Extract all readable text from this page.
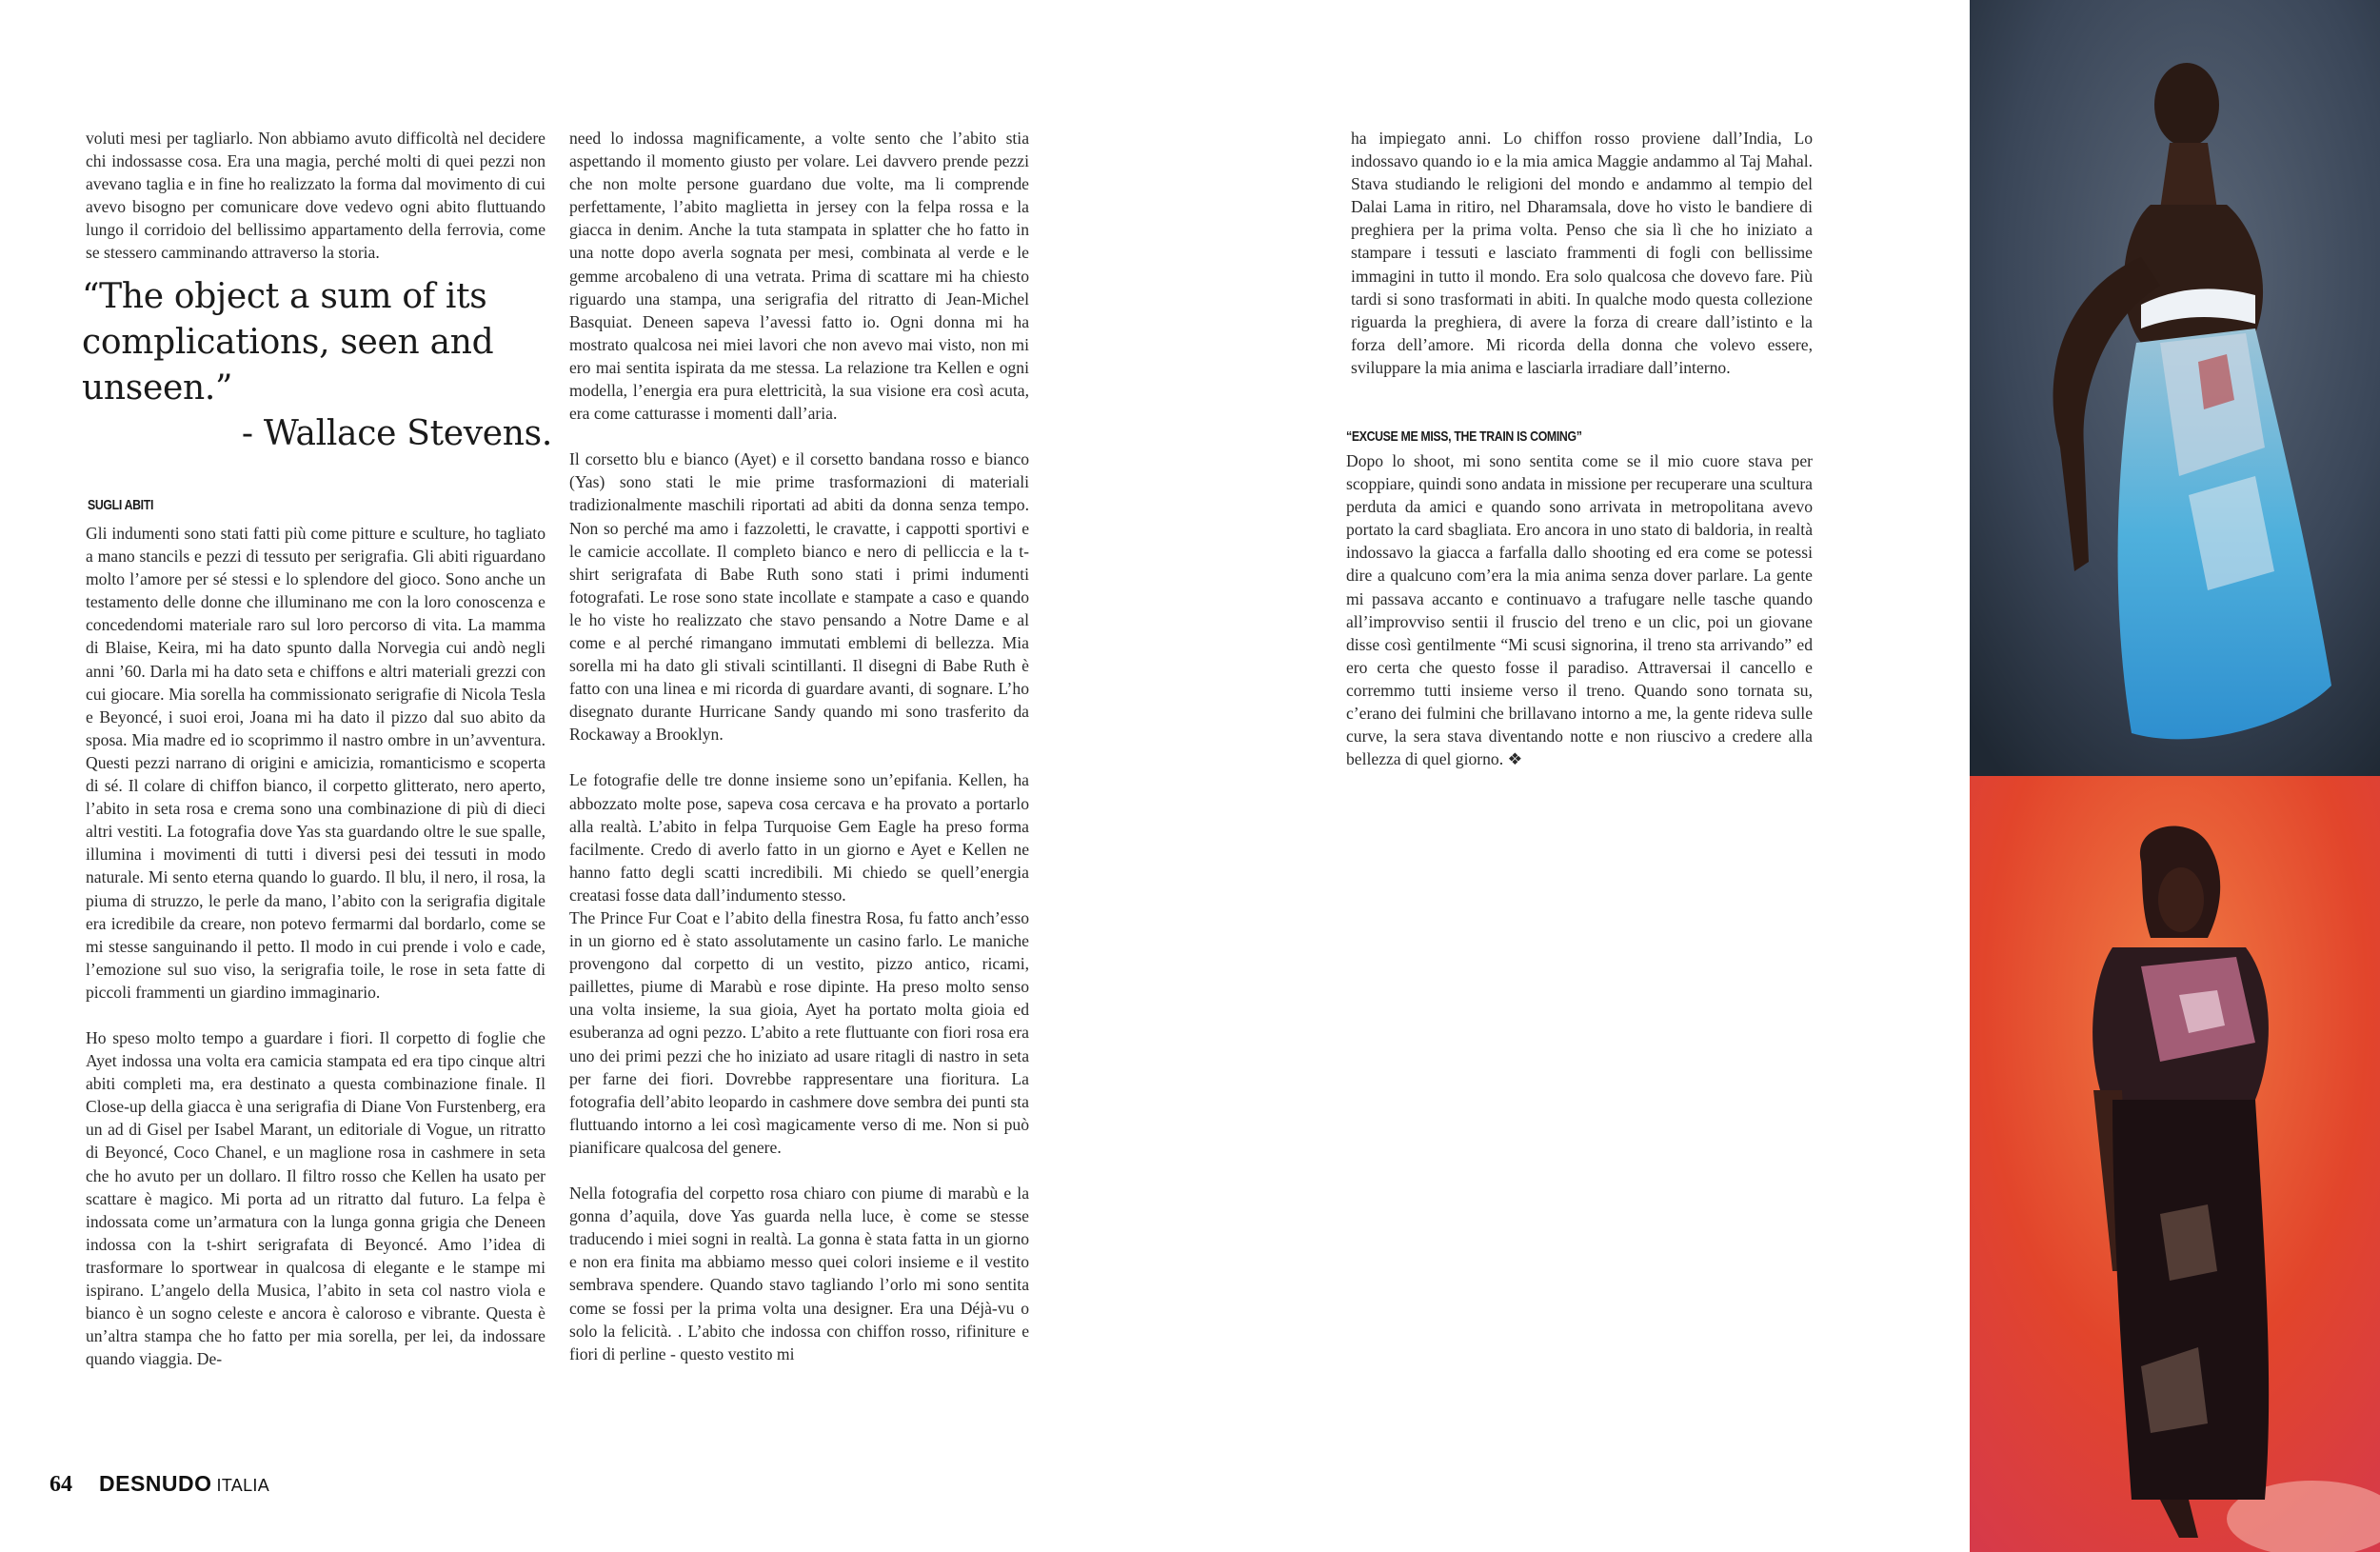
voluti mesi per tagliarlo. Non abbiamo avuto difficoltà nel decidere chi indossasse cosa. Era una magia, perché molti di quei pezzi non avevano taglia e in fine ho realizzato la forma dal movimento di cui avevo bisogno per comunicare dove vedevo ogni abito fluttuando lungo il corridoio del bellissimo appartamento della ferrovia, come se stessero camminando attraverso la storia.

“The object a sum of its complications, seen and unseen.”
- Wallace Stevens.
SUGLI ABITI

Gli indumenti sono stati fatti più come pitture e sculture, ho tagliato a mano stancils e pezzi di tessuto per serigrafia. Gli abiti riguardano molto l’amore per sé stessi e lo splendore del gioco. Sono anche un testamento delle donne che illuminano me con la loro conoscenza e concedendomi materiale raro sul loro percorso di vita. La mamma di Blaise, Keira, mi ha dato spunto dalla Norvegia cui andò negli anni ’60. Darla mi ha dato seta e chiffons e altri materiali grezzi con cui giocare. Mia sorella ha commissionato serigrafie di Nicola Tesla e Beyoncé, i suoi eroi, Joana mi ha dato il pizzo dal suo abito da sposa. Mia madre ed io scoprimmo il nastro ombre in un’avventura. Questi pezzi narrano di origini e amicizia, romanticismo e scoperta di sé. Il colare di chiffon bianco, il corpetto glitterato, nero aperto, l’abito in seta rosa e crema sono una combinazione di più di dieci altri vestiti. La fotografia dove Yas sta guardando oltre le sue spalle, illumina i movimenti di tutti i diversi pesi dei tessuti in modo naturale. Mi sento eterna quando lo guardo. Il blu, il nero, il rosa, la piuma di struzzo, le perle da mano, l’abito con la serigrafia digitale era icredibile da creare, non potevo fermarmi dal bordarlo, come se mi stesse sanguinando il petto. Il modo in cui prende i volo e cade, l’emozione sul suo viso, la serigrafia toile, le rose in seta fatte di piccoli frammenti un giardino immaginario.

Ho speso molto tempo a guardare i fiori. Il corpetto di foglie che Ayet indossa una volta era camicia stampata ed era tipo cinque altri abiti completi ma, era destinato a questa combinazione finale. Il Close-up della giacca è una serigrafia di Diane Von Furstenberg, era un ad di Gisel per Isabel Marant, un editoriale di Vogue, un ritratto di Beyoncé, Coco Chanel, e un maglione rosa in cashmere in seta che ho avuto per un dollaro. Il filtro rosso che Kellen ha usato per scattare è magico. Mi porta ad un ritratto dal futuro. La felpa è indossata come un’armatura con la lunga gonna grigia che Deneen indossa con la t-shirt serigrafata di Beyoncé. Amo l’idea di trasformare lo sportwear in qualcosa di elegante e le stampe mi ispirano. L’angelo della Musica, l’abito in seta col nastro viola e bianco è un sogno celeste e ancora è caloroso e vibrante. Questa è un’altra stampa che ho fatto per mia sorella, per lei, da indossare quando viaggia. De-

need lo indossa magnificamente, a volte sento che l’abito stia aspettando il momento giusto per volare. Lei davvero prende pezzi che non molte persone guardano due volte, ma li comprende perfettamente, l’abito maglietta in jersey con la felpa rossa e la giacca in denim. Anche la tuta stampata in splatter che ho fatto in una notte dopo averla sognata per mesi, combinata al verde e le gemme arcobaleno di una vetrata. Prima di scattare mi ha chiesto riguardo una stampa, una serigrafia del ritratto di Jean-Michel Basquiat. Deneen sapeva l’avessi fatto io. Ogni donna mi ha mostrato qualcosa nei miei lavori che non avevo mai visto, non mi ero mai sentita ispirata da me stessa. La relazione tra Kellen e ogni modella, l’energia era pura elettricità, la sua visione era così acuta, era come catturasse i momenti dall’aria.

Il corsetto blu e bianco (Ayet) e il corsetto bandana rosso e bianco (Yas) sono stati le mie prime trasformazioni di materiali tradizionalmente maschili riportati ad abiti da donna senza tempo. Non so perché ma amo i fazzoletti, le cravatte, i cappotti sportivi e le camicie accollate. Il completo bianco e nero di pelliccia e la t-shirt serigrafata di Babe Ruth sono stati i primi indumenti fotografati. Le rose sono state incollate e stampate a caso e quando le ho viste ho realizzato che stavo pensando a Notre Dame e al come e al perché rimangano immutati emblemi di bellezza. Mia sorella mi ha dato gli stivali scintillanti. Il disegni di Babe Ruth è fatto con una linea e mi ricorda di guardare avanti, di sognare. L’ho disegnato durante Hurricane Sandy quando mi sono trasferito da Rockaway a Brooklyn.

Le fotografie delle tre donne insieme sono un’epifania. Kellen, ha abbozzato molte pose, sapeva cosa cercava e ha provato a portarlo alla realtà. L’abito in felpa Turquoise Gem Eagle ha preso forma facilmente. Credo di averlo fatto in un giorno e Ayet e Kellen ne hanno fatto degli scatti incredibili. Mi chiedo se quell’energia creatasi fosse data dall’indumento stesso.

The Prince Fur Coat e l’abito della finestra Rosa, fu fatto anch’esso in un giorno ed è stato assolutamente un casino farlo. Le maniche provengono dal corpetto di un vestito, pizzo antico, ricami, paillettes, piume di Marabù e rose dipinte. Ha preso molto senso una volta insieme, la sua gioia, Ayet ha portato molta gioia ed esuberanza ad ogni pezzo. L’abito a rete fluttuante con fiori rosa era uno dei primi pezzi che ho iniziato ad usare ritagli di nastro in seta per farne dei fiori. Dovrebbe rappresentare una fioritura. La fotografia dell’abito leopardo in cashmere dove sembra dei punti sta fluttuando intorno a lei così magicamente verso di me. Non si può pianificare qualcosa del genere.

Nella fotografia del corpetto rosa chiaro con piume di marabù e la gonna d’aquila, dove Yas guarda nella luce, è come se stesse traducendo i miei sogni in realtà. La gonna è stata fatta in un giorno e non era finita ma abbiamo messo quei colori insieme e il vestito sembrava spendere. Quando stavo tagliando l’orlo mi sono sentita come se fossi per la prima volta una designer. Era una Déjà-vu o solo la felicità. . L’abito che indossa con chiffon rosso, rifiniture e fiori di perline - questo vestito mi

ha impiegato anni. Lo chiffon rosso proviene dall’India, Lo indossavo quando io e la mia amica Maggie andammo al Taj Mahal. Stava studiando le religioni del mondo e andammo al tempio del Dalai Lama in ritiro, nel Dharamsala, dove ho visto le bandiere di preghiera per la prima volta. Penso che sia lì che ho iniziato a stampare i tessuti e lasciato frammenti di fogli con bellissime immagini in tutto il mondo. Era solo qualcosa che dovevo fare. Più tardi si sono trasformati in abiti. In qualche modo questa collezione riguarda la preghiera, di avere la forza di creare dall’istinto e la forza dell’amore. Mi ricorda della donna che volevo essere, sviluppare la mia anima e lasciarla irradiare dall’interno.

“EXCUSE ME MISS, THE TRAIN IS COMING”

Dopo lo shoot, mi sono sentita come se il mio cuore stava per scoppiare, quindi sono andata in missione per recuperare una scultura perduta da amici e quando sono arrivata in metropolitana avevo portato la card sbagliata. Ero ancora in uno stato di baldoria, in realtà indossavo la giacca a farfalla dallo shooting ed era come se potessi dire a qualcuno com’era la mia anima senza dover parlare. La gente mi passava accanto e continuavo a trafugare nelle tasche quando all’improvviso sentii il fruscio del treno e un clic, poi un giovane disse così gentilmente “Mi scusi signorina, il treno sta arrivando” ed ero certa che questo fosse il paradiso. Attraversai il cancello e corremmo tutti insieme verso il treno. Quando sono tornata su, c’erano dei fulmini che brillavano intorno a me, la gente rideva sulle curve, la sera stava diventando notte e non riuscivo a credere alla bellezza di quel giorno. ❖

64 DESNUDO ITALIA
